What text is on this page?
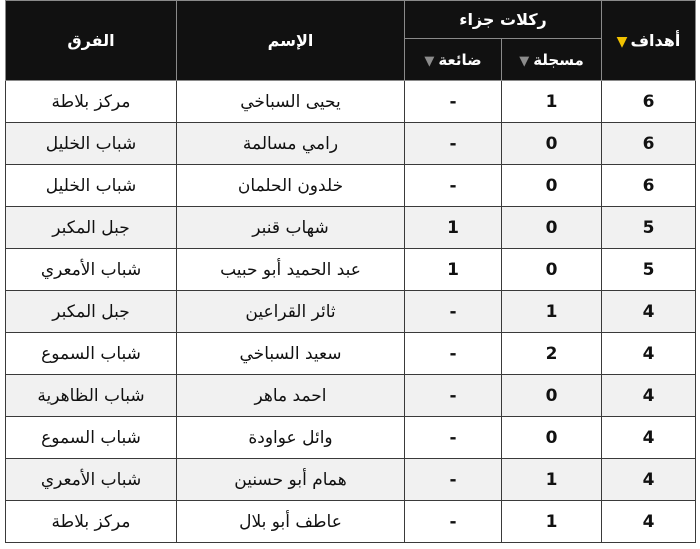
أهداف▼	ركلات جزاء		الإسم	الفرق
	مسجلة▼	ضائعة▼		
6	1	-	يحيى السباخي	مركز بلاطة
6	0	-	رامي مسالمة	شباب الخليل
6	0	-	خلدون الحلمان	شباب الخليل
5	0	1	شهاب قنبر	جبل المكبر
5	0	1	عبد الحميد أبو حبيب	شباب الأمعري
4	1	-	ثائر القراعين	جبل المكبر
4	2	-	سعيد السباخي	شباب السموع
4	0	-	احمد ماهر	شباب الظاهرية
4	0	-	وائل عواودة	شباب السموع
4	1	-	همام أبو حسنين	شباب الأمعري
4	1	-	عاطف أبو بلال	مركز بلاطة
